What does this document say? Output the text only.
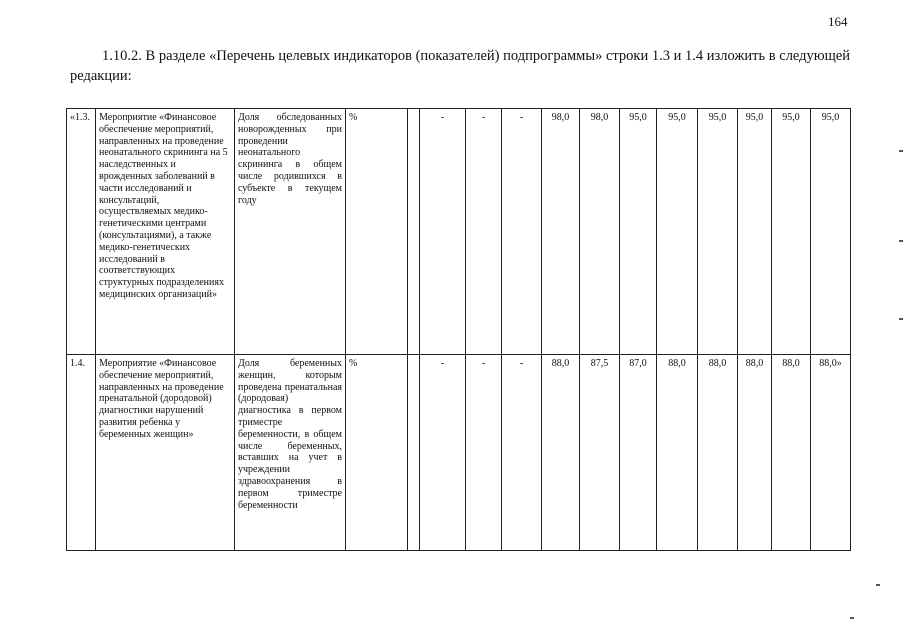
164

1.10.2. В разделе «Перечень целевых индикаторов (показателей) подпрограммы» строки 1.3 и 1.4 изложить в следующей редакции:

«1.3.	Мероприятие «Финансовое обеспечение мероприятий, направленных на проведение неонатального скрининга на 5 наследственных и врожденных заболеваний в части исследований и консультаций, осуществляемых медико-генетическими центрами (консультациями), а также медико-генетических исследований в соответствующих структурных подразделениях медицинских организаций»	Доля обследованных новорожденных при проведении неонатального скрининга в общем числе родившихся в субъекте в текущем году	%		-	-	-	98,0	98,0	95,0	95,0	95,0	95,0	95,0	95,0
1.4.	Мероприятие «Финансовое обеспечение мероприятий, направленных на проведение пренатальной (дородовой) диагностики нарушений развития ребенка у беременных женщин»	Доля беременных женщин, которым проведена пренатальная (дородовая) диагностика в первом триместре беременности, в общем числе беременных, вставших на учет в учреждении здравоохранения в первом триместре беременности	%		-	-	-	88,0	87,5	87,0	88,0	88,0	88,0	88,0	88,0»
